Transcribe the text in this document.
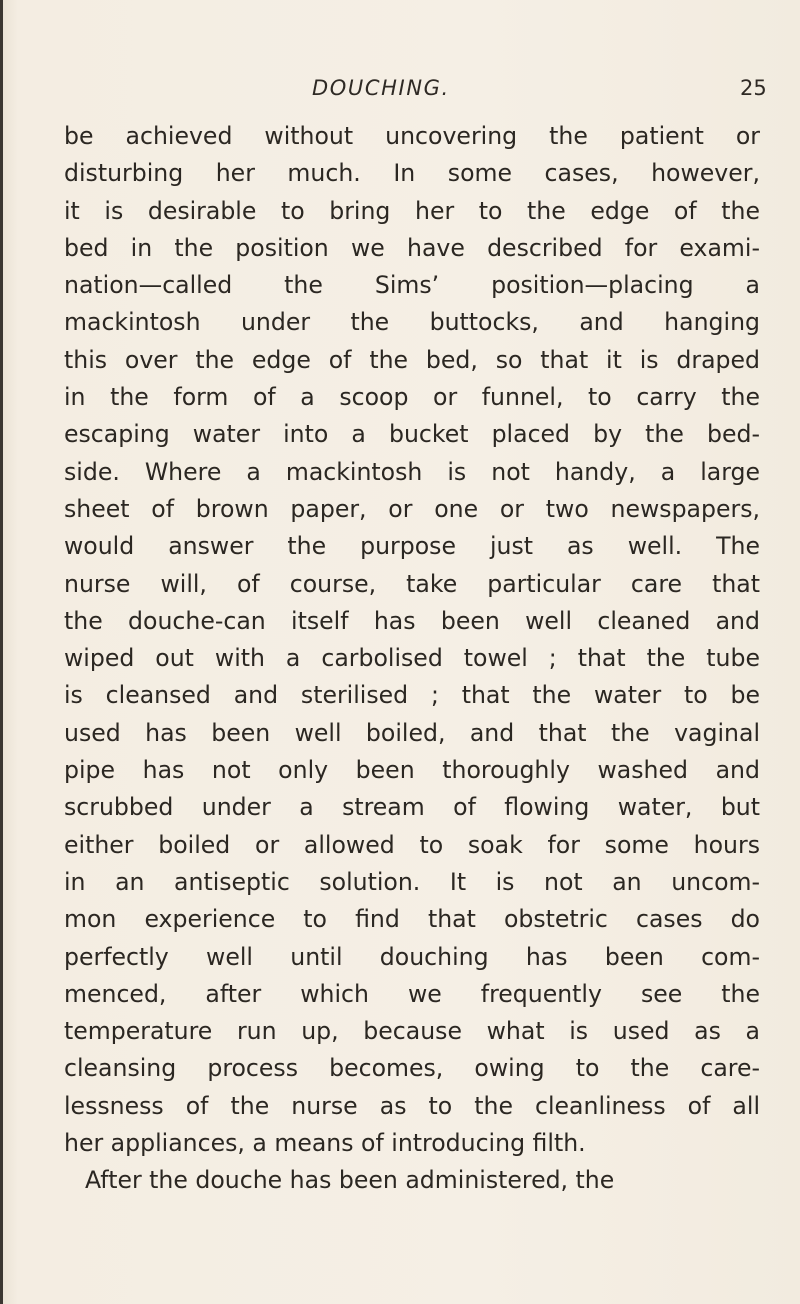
DOUCHING.	25
be achieved without uncovering the patient or
disturbing her much. In some cases, however,
it is desirable to bring her to the edge of the
bed in the position we have described for exami-
nation—called the Sims’ position—placing a
mackintosh under the buttocks, and hanging
this over the edge of the bed, so that it is draped
in the form of a scoop or funnel, to carry the
escaping water into a bucket placed by the bed-
side. Where a mackintosh is not handy, a large
sheet of brown paper, or one or two newspapers,
would answer the purpose just as well. The
nurse will, of course, take particular care that
the douche-can itself has been well cleaned and
wiped out with a carbolised towel ; that the tube
is cleansed and sterilised ; that the water to be
used has been well boiled, and that the vaginal
pipe has not only been thoroughly washed and
scrubbed under a stream of flowing water, but
either boiled or allowed to soak for some hours
in an antiseptic solution. It is not an uncom-
mon experience to find that obstetric cases do
perfectly well until douching has been com-
menced, after which we frequently see the
temperature run up, because what is used as a
cleansing process becomes, owing to the care-
lessness of the nurse as to the cleanliness of all
her appliances, a means of introducing filth.
After the douche has been administered, the
